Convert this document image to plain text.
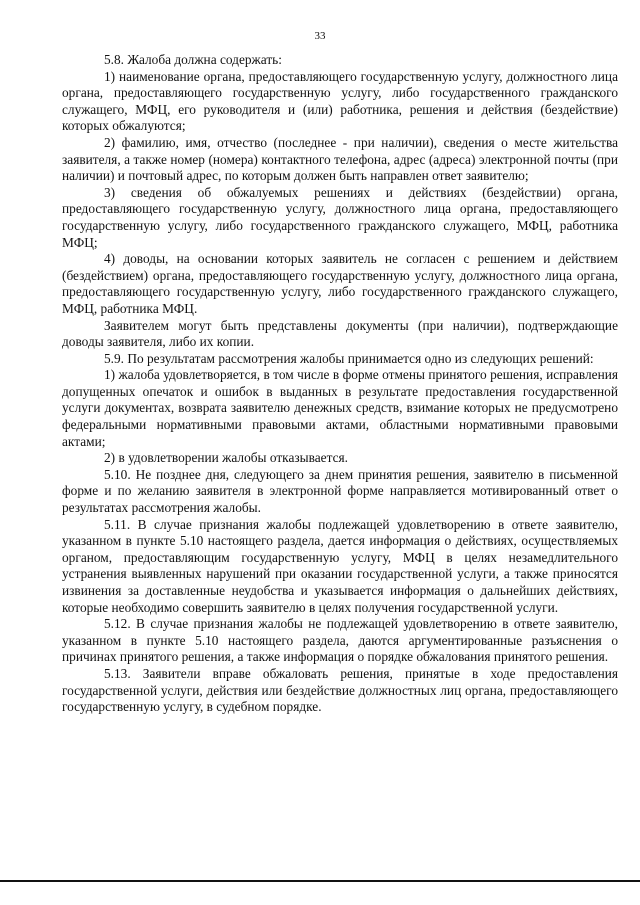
33

5.8. Жалоба должна содержать:

1) наименование органа, предоставляющего государственную услугу, должностного лица органа, предоставляющего государственную услугу, либо государственного гражданского служащего, МФЦ, его руководителя и (или) работника, решения и действия (бездействие) которых обжалуются;

2) фамилию, имя, отчество (последнее - при наличии), сведения о месте жительства заявителя, а также номер (номера) контактного телефона, адрес (адреса) электронной почты (при наличии) и почтовый адрес, по которым должен быть направлен ответ заявителю;

3) сведения об обжалуемых решениях и действиях (бездействии) органа, предоставляющего государственную услугу, должностного лица органа, предоставляющего государственную услугу, либо государственного гражданского служащего, МФЦ, работника МФЦ;

4) доводы, на основании которых заявитель не согласен с решением и действием (бездействием) органа, предоставляющего государственную услугу, должностного лица органа, предоставляющего государственную услугу, либо государственного гражданского служащего, МФЦ, работника МФЦ.

Заявителем могут быть представлены документы (при наличии), подтверждающие доводы заявителя, либо их копии.

5.9. По результатам рассмотрения жалобы принимается одно из следующих решений:

1) жалоба удовлетворяется, в том числе в форме отмены принятого решения, исправления допущенных опечаток и ошибок в выданных в результате предоставления государственной услуги документах, возврата заявителю денежных средств, взимание которых не предусмотрено федеральными нормативными правовыми актами, областными нормативными правовыми актами;

2) в удовлетворении жалобы отказывается.

5.10. Не позднее дня, следующего за днем принятия решения, заявителю в письменной форме и по желанию заявителя в электронной форме направляется мотивированный ответ о результатах рассмотрения жалобы.

5.11. В случае признания жалобы подлежащей удовлетворению в ответе заявителю, указанном в пункте 5.10 настоящего раздела, дается информация о действиях, осуществляемых органом, предоставляющим государственную услугу, МФЦ в целях незамедлительного устранения выявленных нарушений при оказании государственной услуги, а также приносятся извинения за доставленные неудобства и указывается информация о дальнейших действиях, которые необходимо совершить заявителю в целях получения государственной услуги.

5.12. В случае признания жалобы не подлежащей удовлетворению в ответе заявителю, указанном в пункте 5.10 настоящего раздела, даются аргументированные разъяснения о причинах принятого решения, а также информация о порядке обжалования принятого решения.

5.13. Заявители вправе обжаловать решения, принятые в ходе предоставления государственной услуги, действия или бездействие должностных лиц органа, предоставляющего государственную услугу, в судебном порядке.
